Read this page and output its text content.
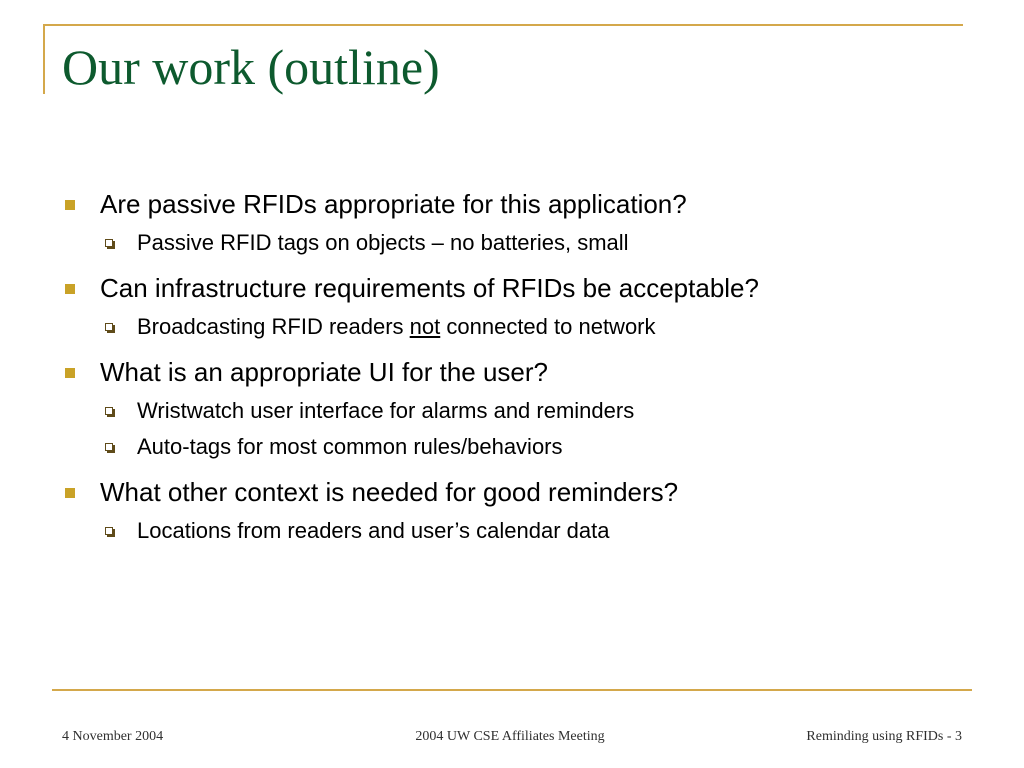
Our work (outline)
Are passive RFIDs appropriate for this application?
Passive RFID tags on objects – no batteries, small
Can infrastructure requirements of RFIDs be acceptable?
Broadcasting RFID readers not connected to network
What is an appropriate UI for the user?
Wristwatch user interface for alarms and reminders
Auto-tags for most common rules/behaviors
What other context is needed for good reminders?
Locations from readers and user’s calendar data
4 November 2004	2004 UW CSE Affiliates Meeting	Reminding using RFIDs - 3
